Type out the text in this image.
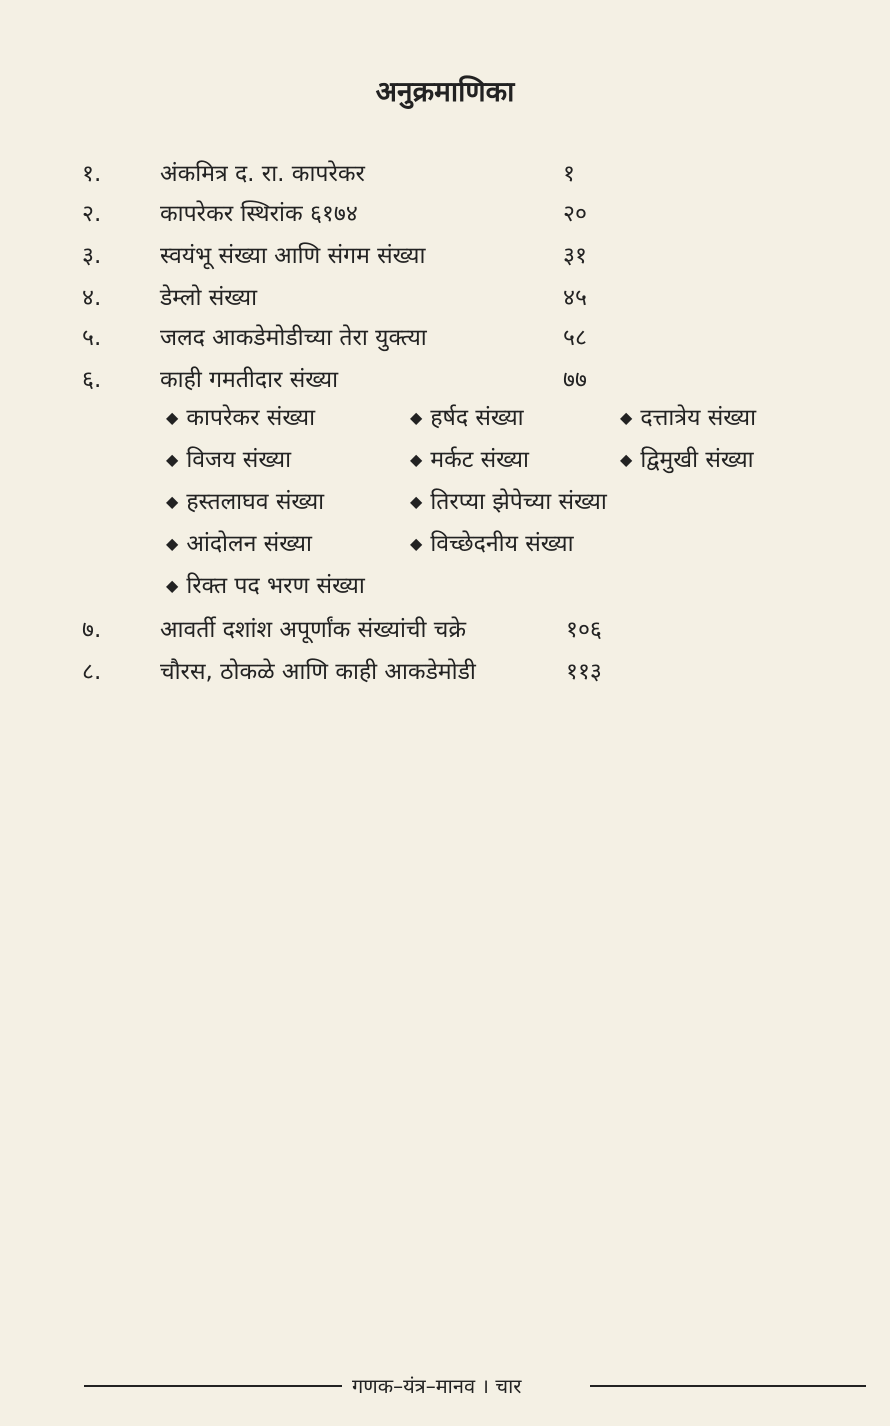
अनुक्रमाणिका
१.	अंकमित्र द. रा. कापरेकर	१
२.	कापरेकर स्थिरांक ६१७४	२०
३.	स्वयंभू संख्या आणि संगम संख्या	३१
४.	डेम्लो संख्या	४५
५.	जलद आकडेमोडीच्या तेरा युक्त्या	५८
६.	काही गमतीदार संख्या	७७
◆ कापरेकर संख्या	◆ हर्षद संख्या	◆ दत्तात्रेय संख्या
◆ विजय संख्या	◆ मर्कट संख्या	◆ द्विमुखी संख्या
◆ हस्तलाघव संख्या	◆ तिरप्या झेपेच्या संख्या
◆ आंदोलन संख्या	◆ विच्छेदनीय संख्या
◆ रिक्त पद भरण संख्या
७.	आवर्ती दशांश अपूर्णांक संख्यांची चक्रे	१०६
८.	चौरस, ठोकळे आणि काही आकडेमोडी	११३
गणक–यंत्र–मानव । चार
